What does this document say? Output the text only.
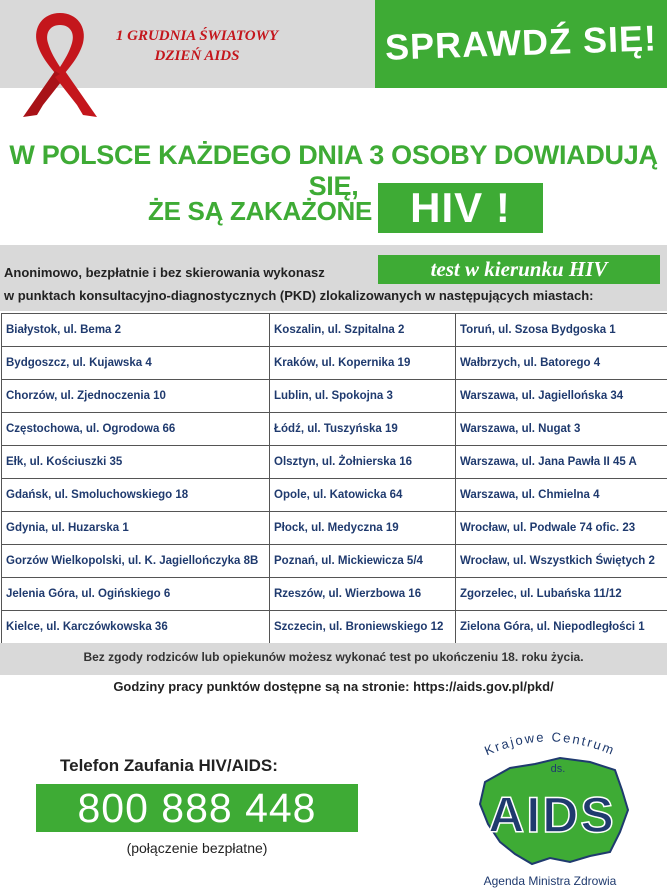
1 GRUDNIA ŚWIATOWY
DZIEŃ AIDS	SPRAWDŹ SIĘ!
W POLSCE KAŻDEGO DNIA 3 OSOBY DOWIADUJĄ SIĘ,
ŻE SĄ ZAKAŻONE HIV !
Anonimowo, bezpłatnie i bez skierowania wykonasz	test w kierunku HIV
w punktach konsultacyjno-diagnostycznych (PKD) zlokalizowanych w następujących miastach:
Białystok, ul. Bema 2	Koszalin, ul. Szpitalna 2	Toruń, ul. Szosa Bydgoska 1
Bydgoszcz, ul. Kujawska 4	Kraków, ul. Kopernika 19	Wałbrzych, ul. Batorego 4
Chorzów, ul. Zjednoczenia 10	Lublin, ul. Spokojna 3	Warszawa, ul. Jagiellońska 34
Częstochowa, ul. Ogrodowa 66	Łódź, ul. Tuszyńska 19	Warszawa, ul. Nugat 3
Ełk, ul. Kościuszki 35	Olsztyn, ul. Żołnierska 16	Warszawa, ul. Jana Pawła II 45 A
Gdańsk, ul. Smoluchowskiego 18	Opole, ul. Katowicka 64	Warszawa, ul. Chmielna 4
Gdynia, ul. Huzarska 1	Płock, ul. Medyczna 19	Wrocław, ul. Podwale 74 ofic. 23
Gorzów Wielkopolski, ul. K. Jagiellończyka 8B	Poznań, ul. Mickiewicza 5/4	Wrocław, ul. Wszystkich Świętych 2
Jelenia Góra, ul. Ogińskiego 6	Rzeszów, ul. Wierzbowa 16	Zgorzelec, ul. Lubańska 11/12
Kielce, ul. Karczówkowska 36	Szczecin, ul. Broniewskiego 12	Zielona Góra, ul. Niepodległości 1
Bez zgody rodziców lub opiekunów możesz wykonać test po ukończeniu 18. roku życia.
Godziny pracy punktów dostępne są na stronie: https://aids.gov.pl/pkd/
Telefon Zaufania HIV/AIDS:
800 888 448
(połączenie bezpłatne)
Krajowe Centrum
ds.
AIDS
Agenda Ministra Zdrowia
